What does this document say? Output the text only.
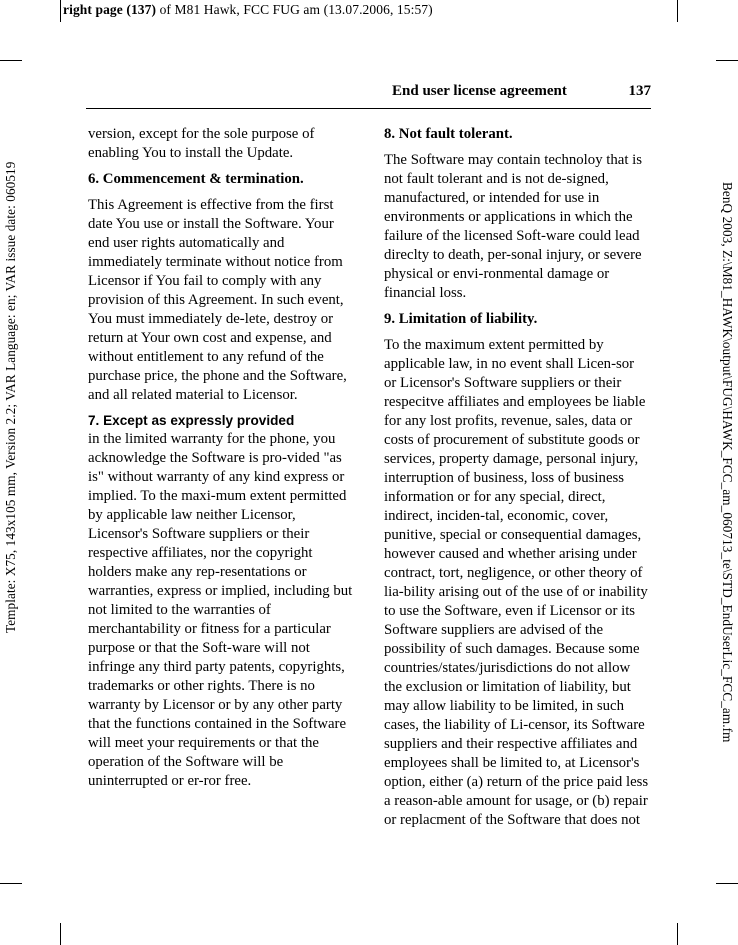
right page (137) of M81 Hawk, FCC FUG am (13.07.2006, 15:57)
Template: X75, 143x105 mm, Version 2.2; VAR Language: en; VAR issue date: 060519	BenQ 2003, Z:\M81_HAWK\output\FUG\HAWK_FCC_am_060713_te\STD_EndUserLic_FCC_am.fm
End user license agreement	137

version, except for the sole purpose of enabling You to install the Update.

6. Commencement & termination.

This Agreement is effective from the first date You use or install the Software. Your end user rights automatically and immediately terminate without notice from Licensor if You fail to comply with any provision of this Agreement. In such event, You must immediately de-lete, destroy or return at Your own cost and expense, and without entitlement to any refund of the purchase price, the phone and the Software, and all related material to Licensor.

7. Except as expressly provided

in the limited warranty for the phone, you acknowledge the Software is pro-vided "as is" without warranty of any kind express or implied. To the maxi-mum extent permitted by applicable law neither Licensor, Licensor's Software suppliers or their respective affiliates, nor the copyright holders make any rep-resentations or warranties, express or implied, including but not limited to the warranties of merchantability or fitness for a particular purpose or that the Soft-ware will not infringe any third party patents, copyrights, trademarks or other rights. There is no warranty by Licensor or by any other party that the functions contained in the Software will meet your requirements or that the operation of the Software will be uninterrupted or er-ror free.

8. Not fault tolerant.

The Software may contain technoloy that is not fault tolerant and is not de-signed, manufactured, or intended for use in environments or applications in which the failure of the licensed Soft-ware could lead direclty to death, per-sonal injury, or severe physical or envi-ronmental damage or financial loss.

9. Limitation of liability.

To the maximum extent permitted by applicable law, in no event shall Licen-sor or Licensor's Software suppliers or their respecitve affiliates and employees be liable for any lost profits, revenue, sales, data or costs of procurement of substitute goods or services, property damage, personal injury, interruption of business, loss of business information or for any special, direct, indirect, inciden-tal, economic, cover, punitive, special or consequential damages, however caused and whether arising under contract, tort, negligence, or other theory of lia-bility arising out of the use of or inability to use the Software, even if Licensor or its Software suppliers are advised of the possibility of such damages. Because some countries/states/jurisdictions do not allow the exclusion or limitation of liability, but may allow liability to be limited, in such cases, the liability of Li-censor, its Software suppliers and their respective affiliates and employees shall be limited to, at Licensor's option, either (a) return of the price paid less a reason-able amount for usage, or (b) repair or replacment of the Software that does not
